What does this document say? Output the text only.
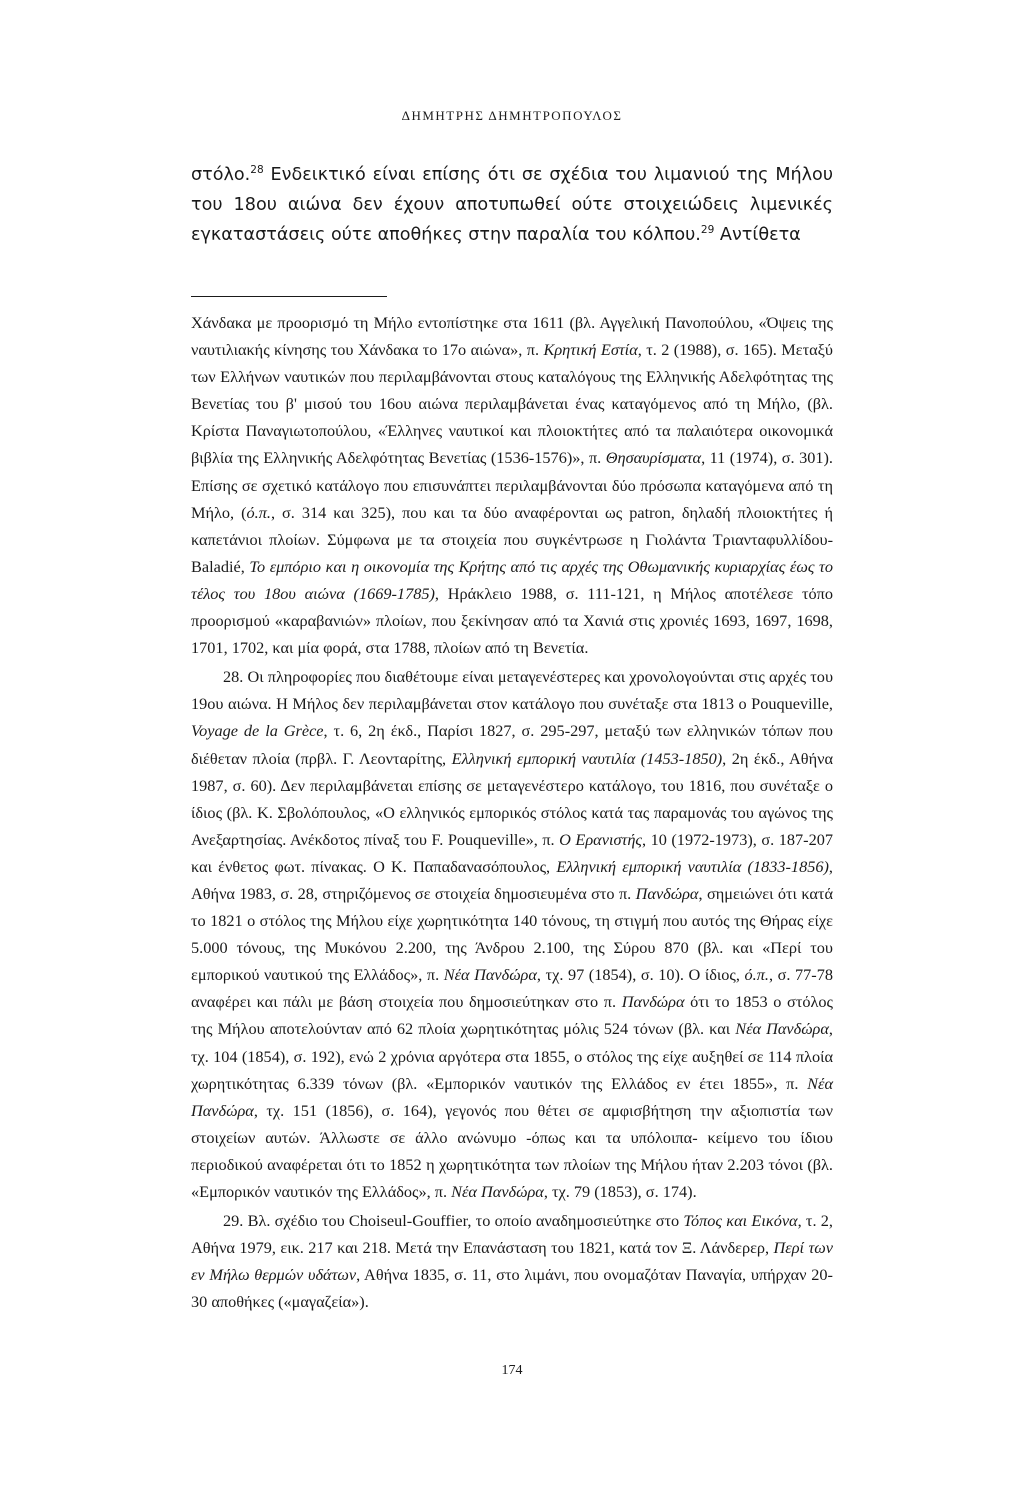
ΔΗΜΗΤΡΗΣ ΔΗΜΗΤΡΟΠΟΥΛΟΣ

στόλο.$^{28}$ Ενδεικτικό είναι επίσης ότι σε σχέδια του λιμανιού της Μήλου του 18ου αιώνα δεν έχουν αποτυπωθεί ούτε στοιχειώδεις λιμενικές εγκαταστάσεις ούτε αποθήκες στην παραλία του κόλπου.$^{29}$ Αντίθετα

Χάνδακα με προορισμό τη Μήλο εντοπίστηκε στα 1611 (βλ. Αγγελική Πανοπούλου, «Όψεις της ναυτιλιακής κίνησης του Χάνδακα το 17ο αιώνα», π. Κρητική Εστία, τ. 2 (1988), σ. 165). Μεταξύ των Ελλήνων ναυτικών που περιλαμβάνονται στους καταλόγους της Ελληνικής Αδελφότητας της Βενετίας του β' μισού του 16ου αιώνα περιλαμβάνεται ένας καταγόμενος από τη Μήλο, (βλ. Κρίστα Παναγιωτοπούλου, «Έλληνες ναυτικοί και πλοιοκτήτες από τα παλαιότερα οικονομικά βιβλία της Ελληνικής Αδελφότητας Βενετίας (1536-1576)», π. Θησαυρίσματα, 11 (1974), σ. 301). Επίσης σε σχετικό κατάλογο που επισυνάπτει περιλαμβάνονται δύο πρόσωπα καταγόμενα από τη Μήλο, (ό.π., σ. 314 και 325), που και τα δύο αναφέρονται ως patron, δηλαδή πλοιοκτήτες ή καπετάνιοι πλοίων. Σύμφωνα με τα στοιχεία που συγκέντρωσε η Γιολάντα Τριανταφυλλίδου-Baladié, Το εμπόριο και η οικονομία της Κρήτης από τις αρχές της Οθωμανικής κυριαρχίας έως το τέλος του 18ου αιώνα (1669-1785), Ηράκλειο 1988, σ. 111-121, η Μήλος αποτέλεσε τόπο προορισμού «καραβανιών» πλοίων, που ξεκίνησαν από τα Χανιά στις χρονιές 1693, 1697, 1698, 1701, 1702, και μία φορά, στα 1788, πλοίων από τη Βενετία.

28. Οι πληροφορίες που διαθέτουμε είναι μεταγενέστερες και χρονολογούνται στις αρχές του 19ου αιώνα. Η Μήλος δεν περιλαμβάνεται στον κατάλογο που συνέταξε στα 1813 ο Pouqueville, Voyage de la Grèce, τ. 6, 2η έκδ., Παρίσι 1827, σ. 295-297, μεταξύ των ελληνικών τόπων που διέθεταν πλοία (πρβλ. Γ. Λεονταρίτης, Ελληνική εμπορική ναυτιλία (1453-1850), 2η έκδ., Αθήνα 1987, σ. 60). Δεν περιλαμβάνεται επίσης σε μεταγενέστερο κατάλογο, του 1816, που συνέταξε ο ίδιος (βλ. Κ. Σβολόπουλος, «Ο ελληνικός εμπορικός στόλος κατά τας παραμονάς του αγώνος της Ανεξαρτησίας. Ανέκδοτος πίναξ του F. Pouqueville», π. Ο Ερανιστής, 10 (1972-1973), σ. 187-207 και ένθετος φωτ. πίνακας. Ο Κ. Παπαδανασόπουλος, Ελληνική εμπορική ναυτιλία (1833-1856), Αθήνα 1983, σ. 28, στηριζόμενος σε στοιχεία δημοσιευμένα στο π. Πανδώρα, σημειώνει ότι κατά το 1821 ο στόλος της Μήλου είχε χωρητικότητα 140 τόνους, τη στιγμή που αυτός της Θήρας είχε 5.000 τόνους, της Μυκόνου 2.200, της Άνδρου 2.100, της Σύρου 870 (βλ. και «Περί του εμπορικού ναυτικού της Ελλάδος», π. Νέα Πανδώρα, τχ. 97 (1854), σ. 10). Ο ίδιος, ό.π., σ. 77-78 αναφέρει και πάλι με βάση στοιχεία που δημοσιεύτηκαν στο π. Πανδώρα ότι το 1853 ο στόλος της Μήλου αποτελούνταν από 62 πλοία χωρητικότητας μόλις 524 τόνων (βλ. και Νέα Πανδώρα, τχ. 104 (1854), σ. 192), ενώ 2 χρόνια αργότερα στα 1855, ο στόλος της είχε αυξηθεί σε 114 πλοία χωρητικότητας 6.339 τόνων (βλ. «Εμπορικόν ναυτικόν της Ελλάδος εν έτει 1855», π. Νέα Πανδώρα, τχ. 151 (1856), σ. 164), γεγονός που θέτει σε αμφισβήτηση την αξιοπιστία των στοιχείων αυτών. Άλλωστε σε άλλο ανώνυμο -όπως και τα υπόλοιπα- κείμενο του ίδιου περιοδικού αναφέρεται ότι το 1852 η χωρητικότητα των πλοίων της Μήλου ήταν 2.203 τόνοι (βλ. «Εμπορικόν ναυτικόν της Ελλάδος», π. Νέα Πανδώρα, τχ. 79 (1853), σ. 174).

29. Βλ. σχέδιο του Choiseul-Gouffier, το οποίο αναδημοσιεύτηκε στο Τόπος και Εικόνα, τ. 2, Αθήνα 1979, εικ. 217 και 218. Μετά την Επανάσταση του 1821, κατά τον Ξ. Λάνδερερ, Περί των εν Μήλω θερμών υδάτων, Αθήνα 1835, σ. 11, στο λιμάνι, που ονομαζόταν Παναγία, υπήρχαν 20-30 αποθήκες («μαγαζεία»).

174
